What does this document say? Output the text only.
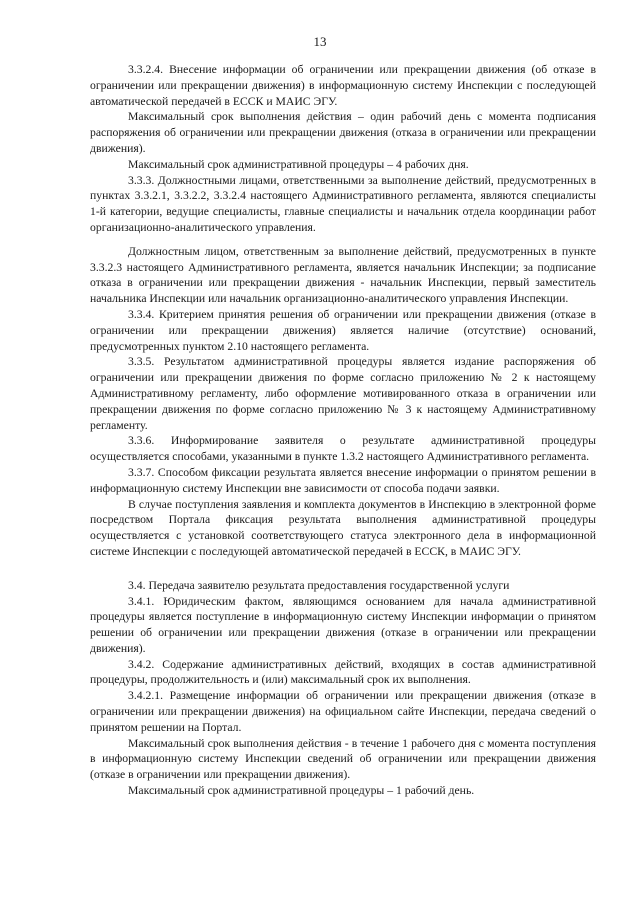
13

3.3.2.4. Внесение информации об ограничении или прекращении движения (об отказе в ограничении или прекращении движения) в информационную систему Инспекции с последующей автоматической передачей в ЕССК и МАИС ЭГУ.

Максимальный срок выполнения действия – один рабочий день с момента подписания распоряжения об ограничении или прекращении движения (отказа в ограничении или прекращении движения).

Максимальный срок административной процедуры – 4 рабочих дня.

3.3.3. Должностными лицами, ответственными за выполнение действий, предусмотренных в пунктах 3.3.2.1, 3.3.2.2, 3.3.2.4 настоящего Административного регламента, являются специалисты 1-й категории, ведущие специалисты, главные специалисты и начальник отдела координации работ организационно-аналитического управления.

Должностным лицом, ответственным за выполнение действий, предусмотренных в пункте 3.3.2.3 настоящего Административного регламента, является начальник Инспекции; за подписание отказа в ограничении или прекращении движения - начальник Инспекции, первый заместитель начальника Инспекции или начальник организационно-аналитического управления Инспекции.

3.3.4. Критерием принятия решения об ограничении или прекращении движения (отказе в ограничении или прекращении движения) является наличие (отсутствие) оснований, предусмотренных пунктом 2.10 настоящего регламента.

3.3.5. Результатом административной процедуры является издание распоряжения об ограничении или прекращении движения по форме согласно приложению № 2 к настоящему Административному регламенту, либо оформление мотивированного отказа в ограничении или прекращении движения по форме согласно приложению № 3 к настоящему Административному регламенту.

3.3.6. Информирование заявителя о результате административной процедуры осуществляется способами, указанными в пункте 1.3.2 настоящего Административного регламента.

3.3.7. Способом фиксации результата является внесение информации о принятом решении в информационную систему Инспекции вне зависимости от способа подачи заявки.

В случае поступления заявления и комплекта документов в Инспекцию в электронной форме посредством Портала фиксация результата выполнения административной процедуры осуществляется с установкой соответствующего статуса электронного дела в информационной системе Инспекции с последующей автоматической передачей в ЕССК, в МАИС ЭГУ.

3.4. Передача заявителю результата предоставления государственной услуги

3.4.1. Юридическим фактом, являющимся основанием для начала административной процедуры является поступление в информационную систему Инспекции информации о принятом решении об ограничении или прекращении движения (отказе в ограничении или прекращении движения).

3.4.2. Содержание административных действий, входящих в состав административной процедуры, продолжительность и (или) максимальный срок их выполнения.

3.4.2.1. Размещение информации об ограничении или прекращении движения (отказе в ограничении или прекращении движения) на официальном сайте Инспекции, передача сведений о принятом решении на Портал.

Максимальный срок выполнения действия - в течение 1 рабочего дня с момента поступления в информационную систему Инспекции сведений об ограничении или прекращении движения (отказе в ограничении или прекращении движения).

Максимальный срок административной процедуры – 1 рабочий день.
